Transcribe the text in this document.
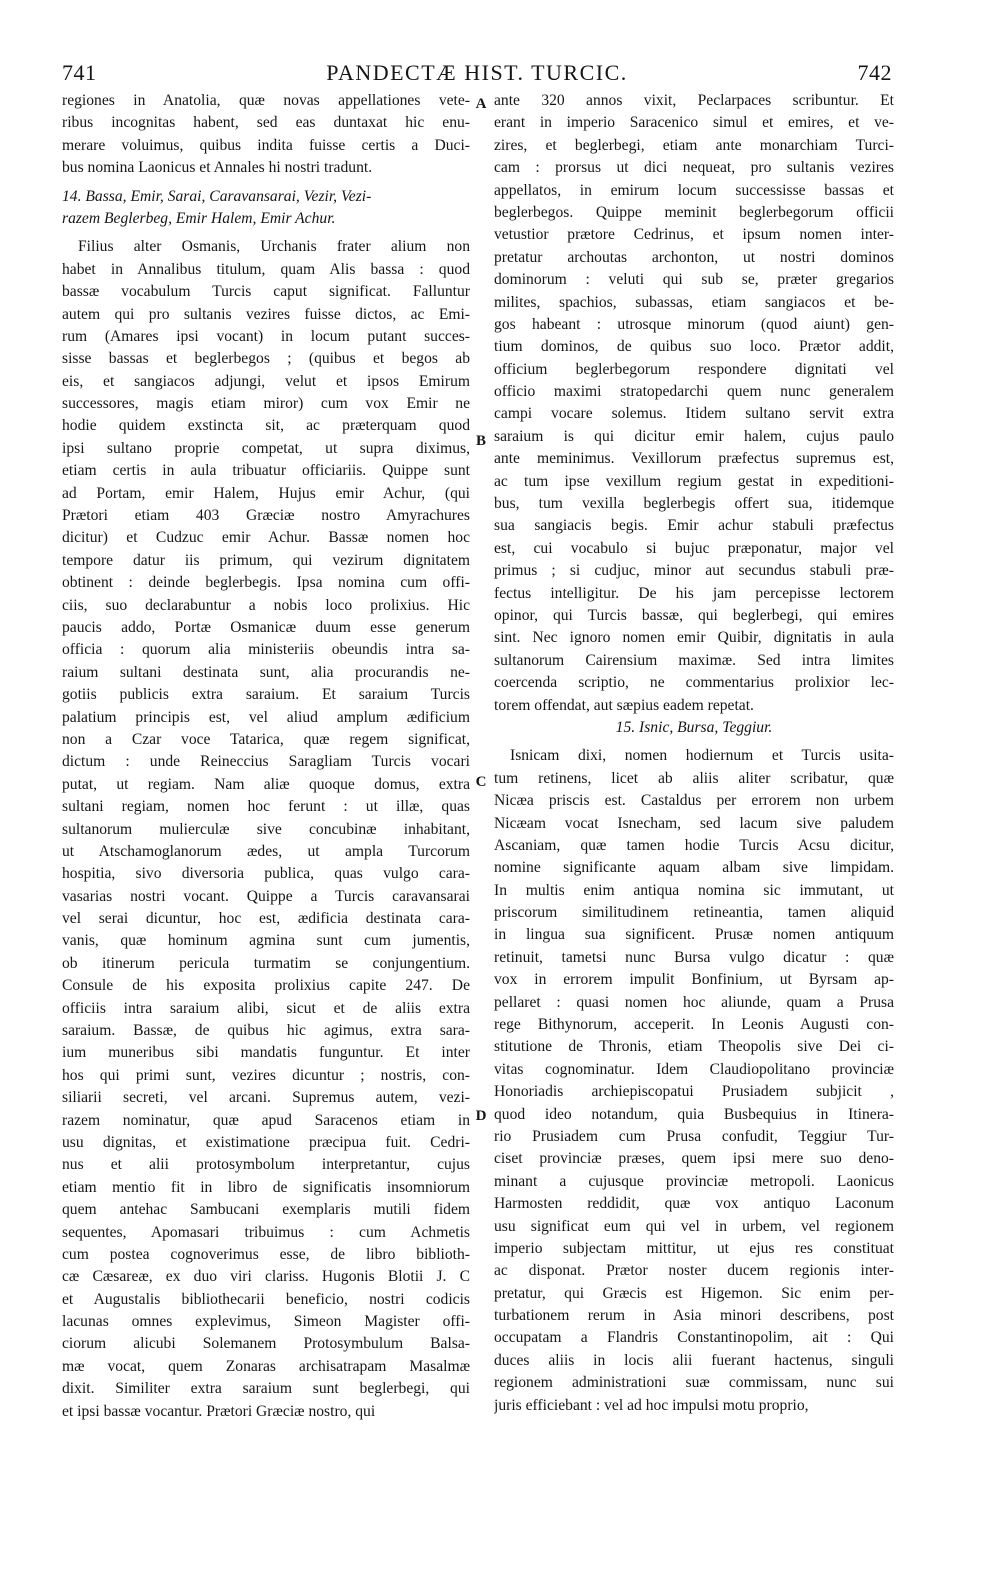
741	PANDECTÆ HIST. TURCIC.	742
A
B
C
D
regiones in Anatolia, quæ novas appellationes vete-
ribus incognitas habent, sed eas duntaxat hic enu-
merare voluimus, quibus indita fuisse certis a Duci-
bus nomina Laonicus et Annales hi nostri tradunt.
14. Bassa, Emir, Sarai, Caravansarai, Vezir, Vezi-
razem Beglerbeg, Emir Halem, Emir Achur.
Filius alter Osmanis, Urchanis frater alium non
habet in Annalibus titulum, quam Alis bassa : quod
bassæ vocabulum Turcis caput significat. Falluntur
autem qui pro sultanis vezires fuisse dictos, ac Emi-
rum (Amares ipsi vocant) in locum putant succes-
sisse bassas et beglerbegos ; (quibus et begos ab
eis, et sangiacos adjungi, velut et ipsos Emirum
successores, magis etiam miror) cum vox Emir ne
hodie quidem exstincta sit, ac præterquam quod
ipsi sultano proprie competat, ut supra diximus,
etiam certis in aula tribuatur officiariis. Quippe sunt
ad Portam, emir Halem, Hujus emir Achur, (qui
Prætori etiam 403 Græciæ nostro Amyrachures
dicitur) et Cudzuc emir Achur. Bassæ nomen hoc
tempore datur iis primum, qui vezirum dignitatem
obtinent : deinde beglerbegis. Ipsa nomina cum offi-
ciis, suo declarabuntur a nobis loco prolixius. Hic
paucis addo, Portæ Osmanicæ duum esse generum
officia : quorum alia ministeriis obeundis intra sa-
raium sultani destinata sunt, alia procurandis ne-
gotiis publicis extra saraium. Et saraium Turcis
palatium principis est, vel aliud amplum ædificium
non a Czar voce Tatarica, quæ regem significat,
dictum : unde Reineccius Saragliam Turcis vocari
putat, ut regiam. Nam aliæ quoque domus, extra
sultani regiam, nomen hoc ferunt : ut illæ, quas
sultanorum mulierculæ sive concubinæ inhabitant,
ut Atschamoglanorum ædes, ut ampla Turcorum
hospitia, sivo diversoria publica, quas vulgo cara-
vasarias nostri vocant. Quippe a Turcis caravansarai
vel serai dicuntur, hoc est, ædificia destinata cara-
vanis, quæ hominum agmina sunt cum jumentis,
ob itinerum pericula turmatim se conjungentium.
Consule de his exposita prolixius capite 247. De
officiis intra saraium alibi, sicut et de aliis extra
saraium. Bassæ, de quibus hic agimus, extra sara-
ium muneribus sibi mandatis funguntur. Et inter
hos qui primi sunt, vezires dicuntur ; nostris, con-
siliarii secreti, vel arcani. Supremus autem, vezi-
razem nominatur, quæ apud Saracenos etiam in
usu dignitas, et existimatione præcipua fuit. Cedri-
nus et alii protosymbolum interpretantur, cujus
etiam mentio fit in libro de significatis insomniorum
quem antehac Sambucani exemplaris mutili fidem
sequentes, Apomasari tribuimus : cum Achmetis
cum postea cognoverimus esse, de libro biblioth-
cæ Cæsareæ, ex duo viri clariss. Hugonis Blotii J. C
et Augustalis bibliothecarii beneficio, nostri codicis
lacunas omnes explevimus, Simeon Magister offi-
ciorum alicubi Solemanem Protosymbulum Balsa-
mæ vocat, quem Zonaras archisatrapam Masalmæ
dixit. Similiter extra saraium sunt beglerbegi, qui
et ipsi bassæ vocantur. Prætori Græciæ nostro, qui
ante 320 annos vixit, Peclarpaces scribuntur. Et
erant in imperio Saracenico simul et emires, et ve-
zires, et beglerbegi, etiam ante monarchiam Turci-
cam : prorsus ut dici nequeat, pro sultanis vezires
appellatos, in emirum locum successisse bassas et
beglerbegos. Quippe meminit beglerbegorum officii
vetustior prætore Cedrinus, et ipsum nomen inter-
pretatur archoutas archonton, ut nostri dominos
dominorum : veluti qui sub se, præter gregarios
milites, spachios, subassas, etiam sangiacos et be-
gos habeant : utrosque minorum (quod aiunt) gen-
tium dominos, de quibus suo loco. Prætor addit,
officium beglerbegorum respondere dignitati vel
officio maximi stratopedarchi quem nunc generalem
campi vocare solemus. Itidem sultano servit extra
saraium is qui dicitur emir halem, cujus paulo
ante meminimus. Vexillorum præfectus supremus est,
ac tum ipse vexillum regium gestat in expeditioni-
bus, tum vexilla beglerbegis offert sua, itidemque
sua sangiacis begis. Emir achur stabuli præfectus
est, cui vocabulo si bujuc præponatur, major vel
primus ; si cudjuc, minor aut secundus stabuli præ-
fectus intelligitur. De his jam percepisse lectorem
opinor, qui Turcis bassæ, qui beglerbegi, qui emires
sint. Nec ignoro nomen emir Quibir, dignitatis in aula
sultanorum Cairensium maximæ. Sed intra limites
coercenda scriptio, ne commentarius prolixior lec-
torem offendat, aut sæpius eadem repetat.
15. Isnic, Bursa, Teggiur.
Isnicam dixi, nomen hodiernum et Turcis usita-
tum retinens, licet ab aliis aliter scribatur, quæ
Nicæa priscis est. Castaldus per errorem non urbem
Nicæam vocat Isnecham, sed lacum sive paludem
Ascaniam, quæ tamen hodie Turcis Acsu dicitur,
nomine significante aquam albam sive limpidam.
In multis enim antiqua nomina sic immutant, ut
priscorum similitudinem retineantia, tamen aliquid
in lingua sua significent. Prusæ nomen antiquum
retinuit, tametsi nunc Bursa vulgo dicatur : quæ
vox in errorem impulit Bonfinium, ut Byrsam ap-
pellaret : quasi nomen hoc aliunde, quam a Prusa
rege Bithynorum, acceperit. In Leonis Augusti con-
stitutione de Thronis, etiam Theopolis sive Dei ci-
vitas cognominatur. Idem Claudiopolitano provinciæ
Honoriadis archiepiscopatui Prusiadem subjicit ,
quod ideo notandum, quia Busbequius in Itinera-
rio Prusiadem cum Prusa confudit, Teggiur Tur-
ciset provinciæ præses, quem ipsi mere suo deno-
minant a cujusque provinciæ metropoli. Laonicus
Harmosten reddidit, quæ vox antiquo Laconum
usu significat eum qui vel in urbem, vel regionem
imperio subjectam mittitur, ut ejus res constituat
ac disponat. Prætor noster ducem regionis inter-
pretatur, qui Græcis est Higemon. Sic enim per-
turbationem rerum in Asia minori describens, post
occupatam a Flandris Constantinopolim, ait : Qui
duces aliis in locis alii fuerant hactenus, singuli
regionem administrationi suæ commissam, nunc sui
juris efficiebant : vel ad hoc impulsi motu proprio,
